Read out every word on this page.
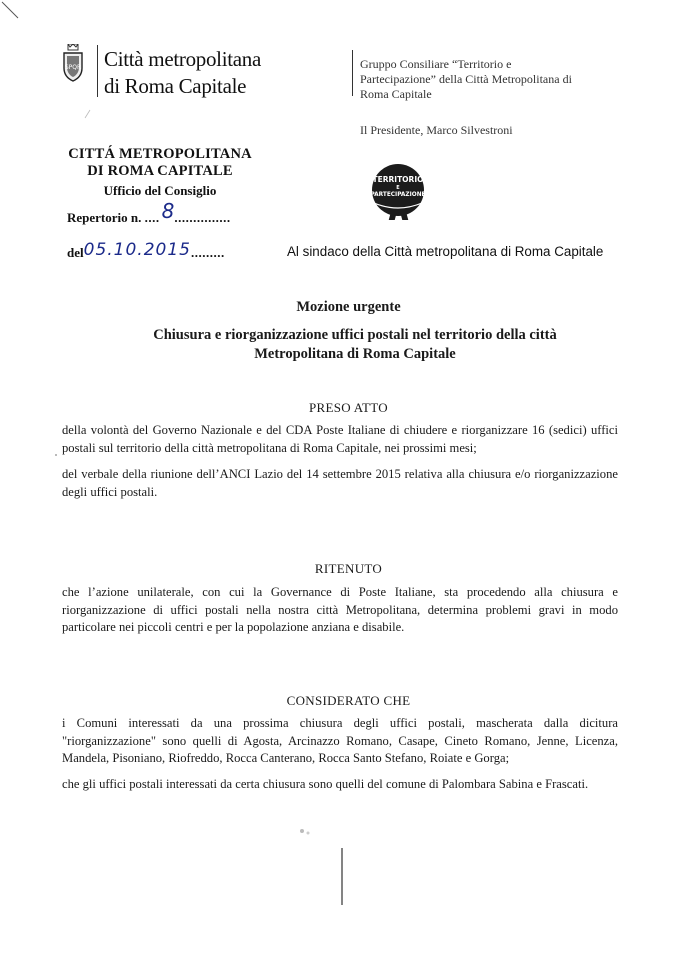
SPQR Città metropolitana
di Roma Capitale
Gruppo Consiliare “Territorio e
Partecipazione” della Città Metropolitana di
Roma Capitale
Il Presidente, Marco Silvestroni
CITTÁ METROPOLITANA
DI ROMA CAPITALE
Ufficio del Consiglio
Repertorio n. .... 8...............
del05.10.2015.........
TERRITORIO
E
PARTECIPAZIONE
Al sindaco della Città metropolitana di Roma Capitale
Mozione urgente
Chiusura e riorganizzazione uffici postali nel territorio della città Metropolitana di Roma Capitale
PRESO ATTO
della volontà del Governo Nazionale e del CDA Poste Italiane di chiudere e riorganizzare 16 (sedici) uffici postali sul territorio della città metropolitana di Roma Capitale, nei prossimi mesi;
del verbale della riunione dell’ANCI Lazio del 14 settembre 2015 relativa alla chiusura e/o riorganizzazione degli uffici postali.
RITENUTO
che l’azione unilaterale, con cui la Governance di Poste Italiane, sta procedendo alla chiusura e riorganizzazione di uffici postali nella nostra città Metropolitana, determina problemi gravi in modo particolare nei piccoli centri e per la popolazione anziana e disabile.
CONSIDERATO CHE
i Comuni interessati da una prossima chiusura degli uffici postali, mascherata dalla dicitura "riorganizzazione" sono quelli di Agosta, Arcinazzo Romano, Casape, Cineto Romano, Jenne, Licenza, Mandela, Pisoniano, Riofreddo, Rocca Canterano, Rocca Santo Stefano, Roiate e Gorga;
che gli uffici postali interessati da certa chiusura sono quelli del comune di Palombara Sabina e Frascati.
